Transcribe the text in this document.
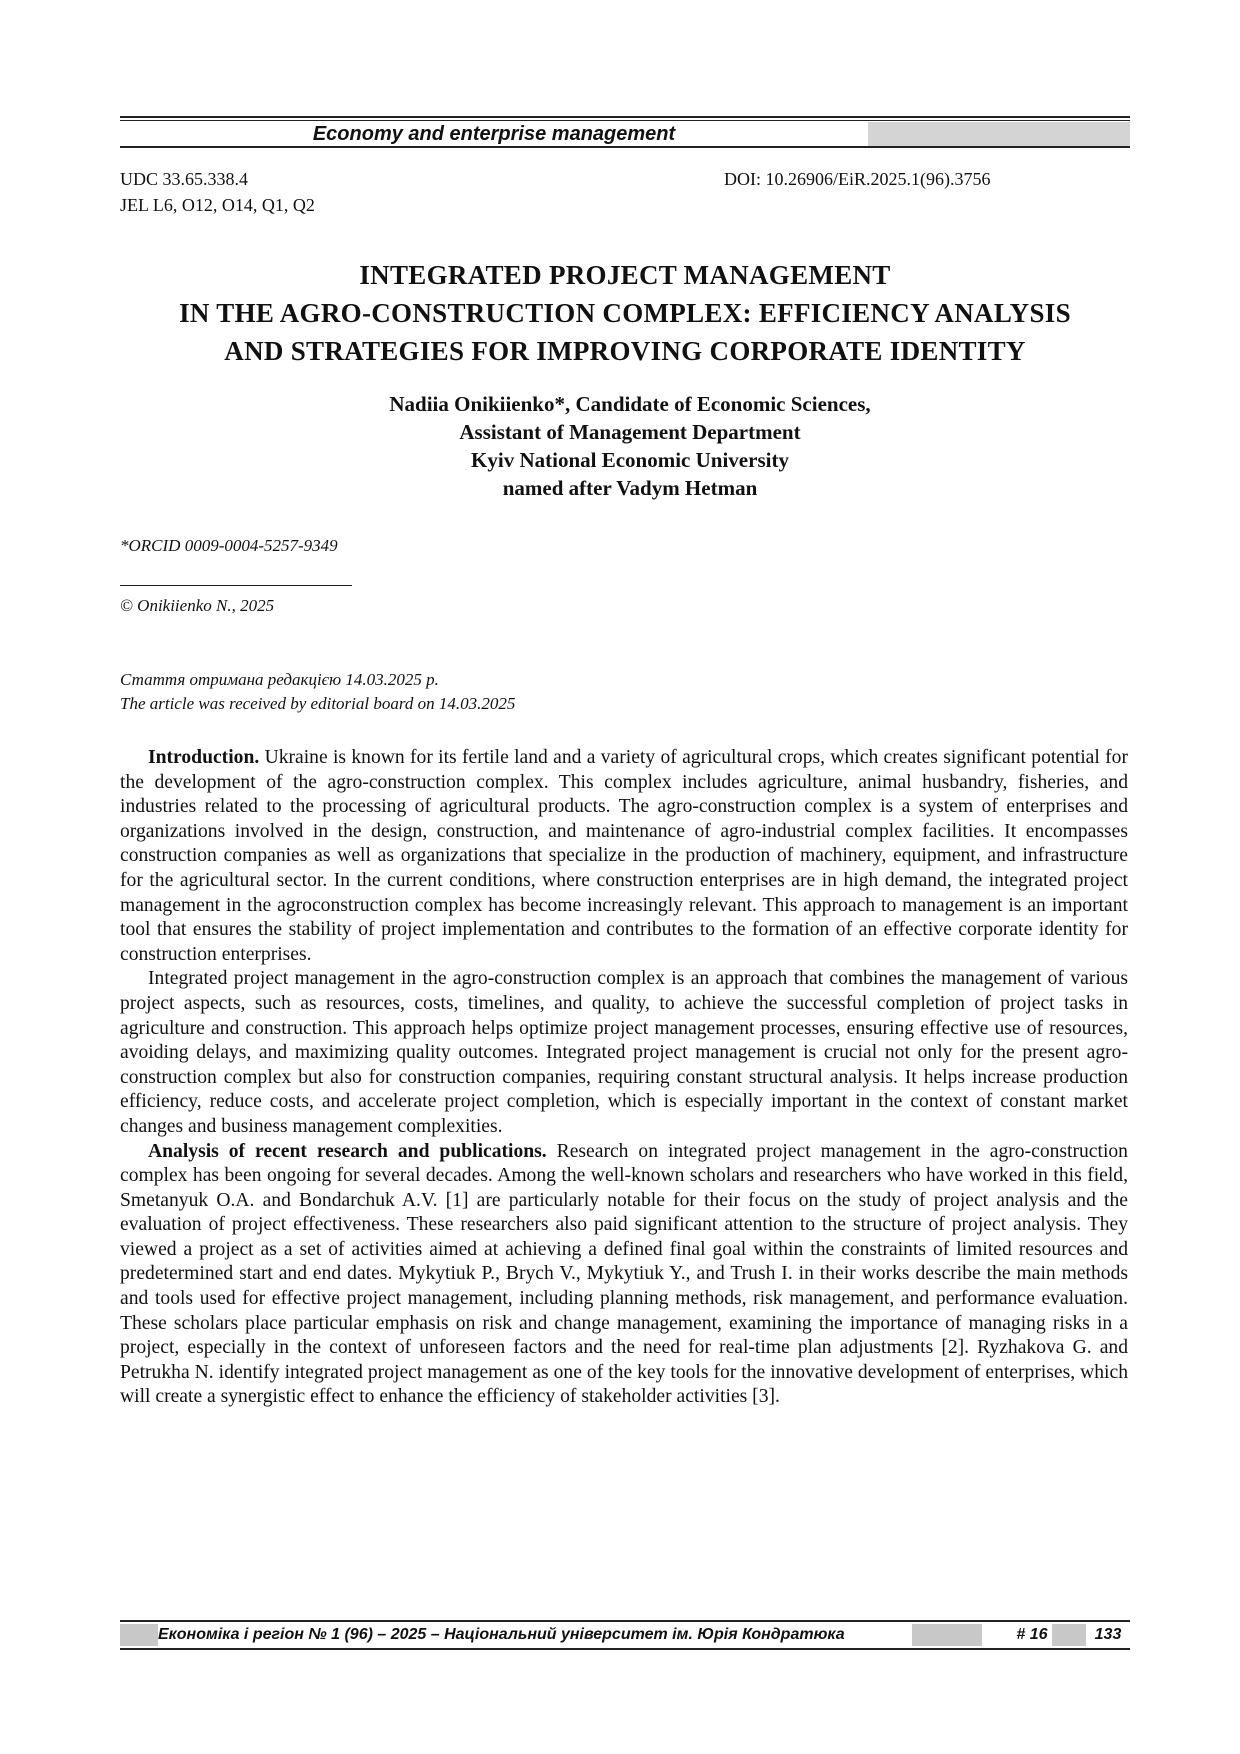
Economy and enterprise management
UDC 33.65.338.4
JEL L6, O12, O14, Q1, Q2
DOI: 10.26906/EiR.2025.1(96).3756
INTEGRATED PROJECT MANAGEMENT
IN THE AGRO-CONSTRUCTION COMPLEX: EFFICIENCY ANALYSIS
AND STRATEGIES FOR IMPROVING CORPORATE IDENTITY
Nadiia Onikiienko*, Candidate of Economic Sciences,
Assistant of Management Department
Kyiv National Economic University
named after Vadym Hetman
*ORCID 0009-0004-5257-9349
© Onikiienko N., 2025
Стаття отримана редакцією 14.03.2025 р.
The article was received by editorial board on 14.03.2025

Introduction. Ukraine is known for its fertile land and a variety of agricultural crops, which creates significant potential for the development of the agro-construction complex. This complex includes agriculture, animal husbandry, fisheries, and industries related to the processing of agricultural products. The agro-construction complex is a system of enterprises and organizations involved in the design, construction, and maintenance of agro-industrial complex facilities. It encompasses construction companies as well as organizations that specialize in the production of machinery, equipment, and infrastructure for the agricultural sector. In the current conditions, where construction enterprises are in high demand, the integrated project management in the agroconstruction complex has become increasingly relevant. This approach to management is an important tool that ensures the stability of project implementation and contributes to the formation of an effective corporate identity for construction enterprises.

Integrated project management in the agro-construction complex is an approach that combines the management of various project aspects, such as resources, costs, timelines, and quality, to achieve the successful completion of project tasks in agriculture and construction. This approach helps optimize project management processes, ensuring effective use of resources, avoiding delays, and maximizing quality outcomes. Integrated project management is crucial not only for the present agro-construction complex but also for construction companies, requiring constant structural analysis. It helps increase production efficiency, reduce costs, and accelerate project completion, which is especially important in the context of constant market changes and business management complexities.

Analysis of recent research and publications. Research on integrated project management in the agro-construction complex has been ongoing for several decades. Among the well-known scholars and researchers who have worked in this field, Smetanyuk O.A. and Bondarchuk A.V. [1] are particularly notable for their focus on the study of project analysis and the evaluation of project effectiveness. These researchers also paid significant attention to the structure of project analysis. They viewed a project as a set of activities aimed at achieving a defined final goal within the constraints of limited resources and predetermined start and end dates. Mykytiuk P., Brych V., Mykytiuk Y., and Trush I. in their works describe the main methods and tools used for effective project management, including planning methods, risk management, and performance evaluation. These scholars place particular emphasis on risk and change management, examining the importance of managing risks in a project, especially in the context of unforeseen factors and the need for real-time plan adjustments [2]. Ryzhakova G. and Petrukha N. identify integrated project management as one of the key tools for the innovative development of enterprises, which will create a synergistic effect to enhance the efficiency of stakeholder activities [3].

Економіка і регіон № 1 (96) – 2025 – Національний університет ім. Юрія Кондратюка	# 16	133
